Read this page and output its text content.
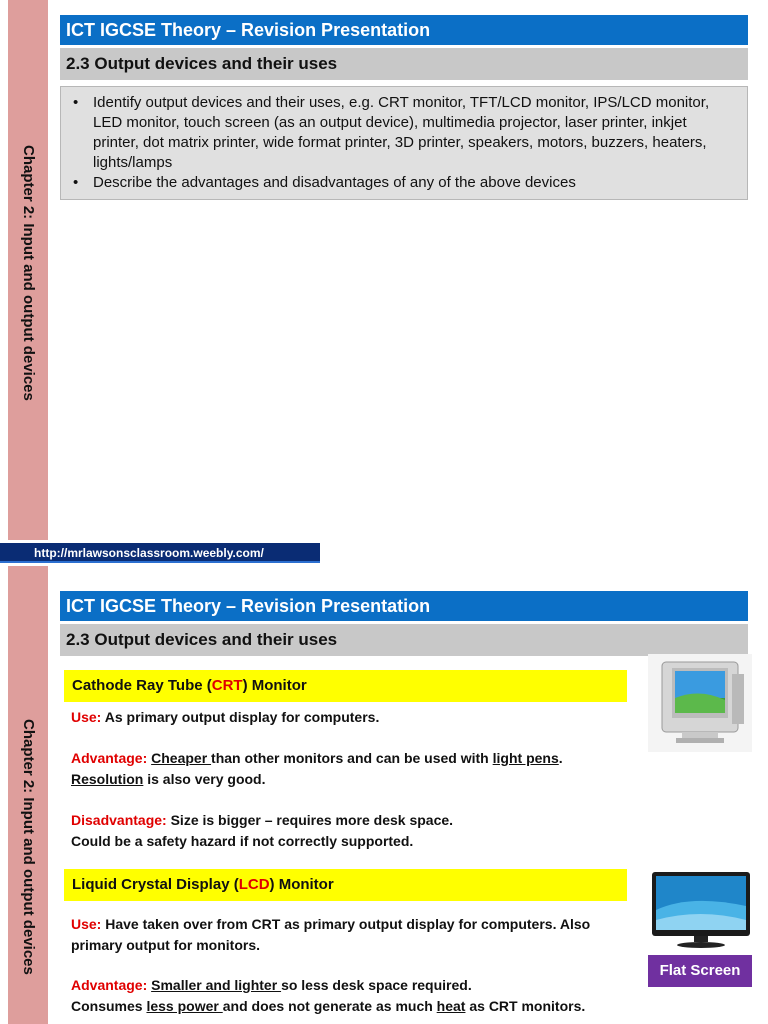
Chapter 2: Input and output devices
ICT IGCSE Theory – Revision Presentation
2.3 Output devices and their uses
• Identify output devices and their uses, e.g. CRT monitor, TFT/LCD monitor, IPS/LCD monitor, LED monitor, touch screen (as an output device), multimedia projector, laser printer, inkjet printer, dot matrix printer, wide format printer, 3D printer, speakers, motors, buzzers, heaters, lights/lamps
• Describe the advantages and disadvantages of any of the above devices
http://mrlawsonsclassroom.weebly.com/
Chapter 2: Input and output devices
ICT IGCSE Theory – Revision Presentation
2.3 Output devices and their uses
Cathode Ray Tube (CRT) Monitor
Use: As primary output display for computers.
Advantage: Cheaper than other monitors and can be used with light pens.
Resolution is also very good.
Disadvantage: Size is bigger – requires more desk space.
Could be a safety hazard if not correctly supported.
Liquid Crystal Display (LCD) Monitor
Use: Have taken over from CRT as primary output display for computers. Also primary output for monitors.
Advantage: Smaller and lighter so less desk space required.
Consumes less power and does not generate as much heat as CRT monitors.
Flat Screen
